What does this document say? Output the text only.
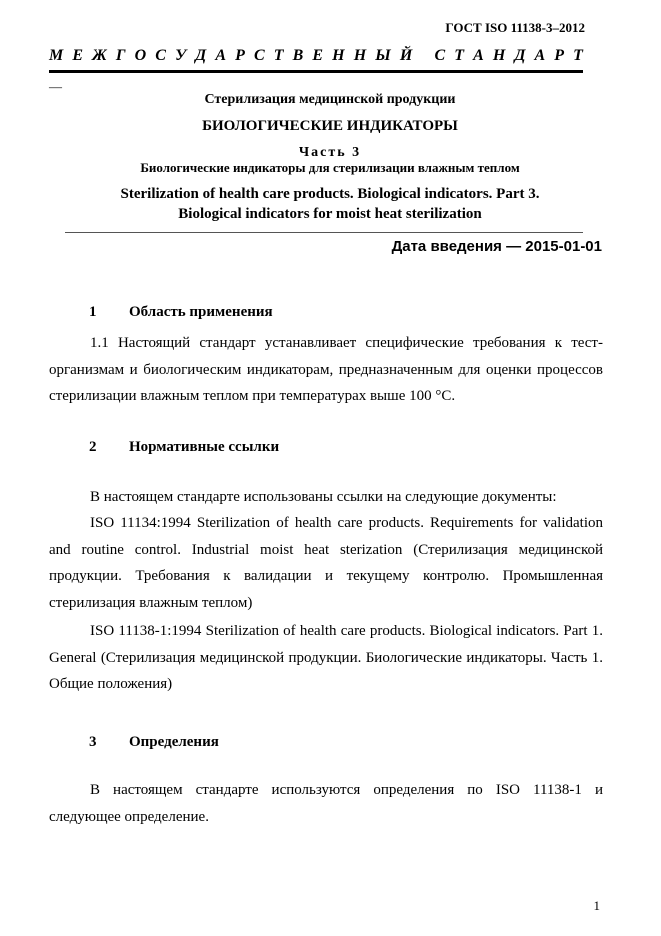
ГОСТ ISO 11138-3–2012
М Е Ж Г О С У Д А Р С Т В Е Н Н Ы Й
С Т А Н Д А Р Т
—
Стерилизация медицинской продукции
БИОЛОГИЧЕСКИЕ ИНДИКАТОРЫ
Часть 3
Биологические индикаторы для стерилизации влажным теплом
Sterilization of health care products. Biological indicators. Part 3.
Biological indicators for moist heat sterilization
Дата введения — 2015-01-01
1	Область применения

1.1 Настоящий стандарт устанавливает специфические требования к тест-организмам и биологическим индикаторам, предназначенным для оценки процессов стерилизации влажным теплом при температурах выше 100 °С.

2	Нормативные ссылки

В настоящем стандарте использованы ссылки на следующие документы:

ISO 11134:1994 Sterilization of health care products. Requirements for validation and routine control. Industrial moist heat sterization (Стерилизация медицинской продукции. Требования к валидации и текущему контролю. Промышленная стерилизация влажным теплом)

ISO 11138-1:1994 Sterilization of health care products. Biological indicators. Part 1. General (Стерилизация медицинской продукции. Биологические индикаторы. Часть 1. Общие положения)

3	Определения

В настоящем стандарте используются определения по ISO 11138-1 и следующее определение.

1
